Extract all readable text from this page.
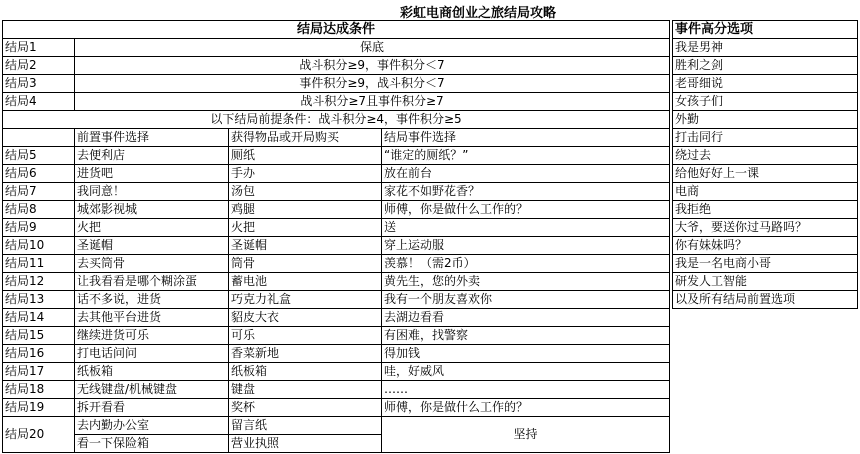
彩虹电商创业之旅结局攻略
结局达成条件			
结局1	保底		
结局2	战斗积分≥9，事件积分＜7		
结局3	事件积分≥9，战斗积分＜7		
结局4	战斗积分≥7且事件积分≥7		
以下结局前提条件：战斗积分≥4，事件积分≥5			
	前置事件选择	获得物品或开局购买	结局事件选择
结局5	去便利店	厕纸	“谁定的厕纸？”
结局6	进货吧	手办	放在前台
结局7	我同意！	汤包	家花不如野花香？
结局8	城郊影视城	鸡腿	师傅，你是做什么工作的？
结局9	火把	火把	送
结局10	圣诞帽	圣诞帽	穿上运动服
结局11	去买筒骨	筒骨	羡慕！（需2币）
结局12	让我看看是哪个糊涂蛋	蓄电池	黄先生，您的外卖
结局13	话不多说，进货	巧克力礼盒	我有一个朋友喜欢你
结局14	去其他平台进货	貂皮大衣	去湖边看看
结局15	继续进货可乐	可乐	有困难，找警察
结局16	打电话问问	香菜新地	得加钱
结局17	纸板箱	纸板箱	哇，好威风
结局18	无线键盘/机械键盘	键盘	……
结局19	拆开看看	奖杯	师傅，你是做什么工作的？
结局20	去内勤办公室	留言纸	坚持
	看一下保险箱	营业执照	
事件高分选项
我是男神
胜利之剑
老哥细说
女孩子们
外勤
打击同行
绕过去
给他好好上一课
电商
我拒绝
大爷，要送你过马路吗？
你有妹妹吗？
我是一名电商小哥
研发人工智能
以及所有结局前置选项
